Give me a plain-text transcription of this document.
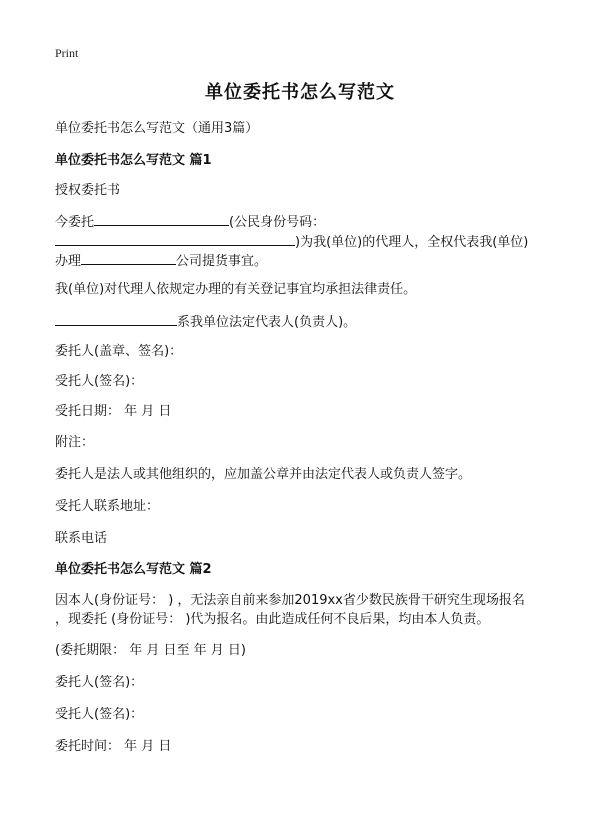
Print
单位委托书怎么写范文
单位委托书怎么写范文（通用3篇）
单位委托书怎么写范文 篇1
授权委托书
今委托	(公民身份号码：
)为我(单位)的代理人，全权代表我(单位)
办理	公司提货事宜。
我(单位)对代理人依规定办理的有关登记事宜均承担法律责任。
系我单位法定代表人(负责人)。
委托人(盖章、签名)：
受托人(签名)：
受托日期： 年 月 日
附注：
委托人是法人或其他组织的，应加盖公章并由法定代表人或负责人签字。
受托人联系地址：
联系电话
单位委托书怎么写范文 篇2
因本人(身份证号： ) ，无法亲自前来参加2019xx省少数民族骨干研究生现场报名
，现委托 (身份证号： )代为报名。由此造成任何不良后果，均由本人负责。
(委托期限： 年 月 日至 年 月 日)
委托人(签名)：
受托人(签名)：
委托时间： 年 月 日
